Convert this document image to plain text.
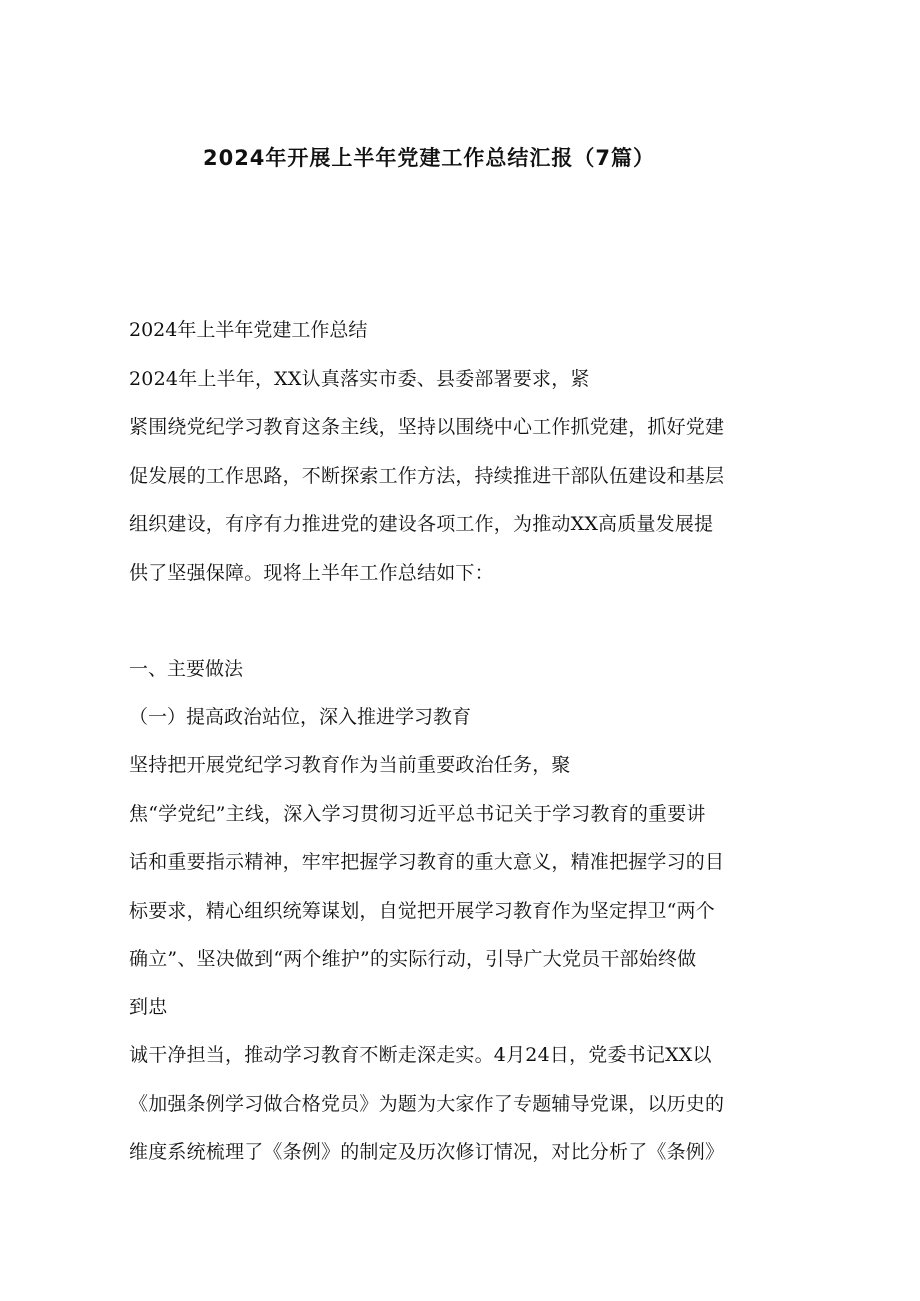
2024年开展上半年党建工作总结汇报（7篇）

2024年上半年党建工作总结

2024年上半年，XX认真落实市委、县委部署要求，紧

紧围绕党纪学习教育这条主线，坚持以围绕中心工作抓党建，抓好党建

促发展的工作思路，不断探索工作方法，持续推进干部队伍建设和基层

组织建设，有序有力推进党的建设各项工作，为推动XX高质量发展提

供了坚强保障。现将上半年工作总结如下：

一、主要做法

（一）提高政治站位，深入推进学习教育

坚持把开展党纪学习教育作为当前重要政治任务，聚

焦“学党纪”主线，深入学习贯彻习近平总书记关于学习教育的重要讲

话和重要指示精神，牢牢把握学习教育的重大意义，精准把握学习的目

标要求，精心组织统筹谋划，自觉把开展学习教育作为坚定捍卫“两个

确立”、坚决做到“两个维护”的实际行动，引导广大党员干部始终做

到忠

诚干净担当，推动学习教育不断走深走实。4月24日，党委书记XX以

《加强条例学习做合格党员》为题为大家作了专题辅导党课，以历史的

维度系统梳理了《条例》的制定及历次修订情况，对比分析了《条例》
